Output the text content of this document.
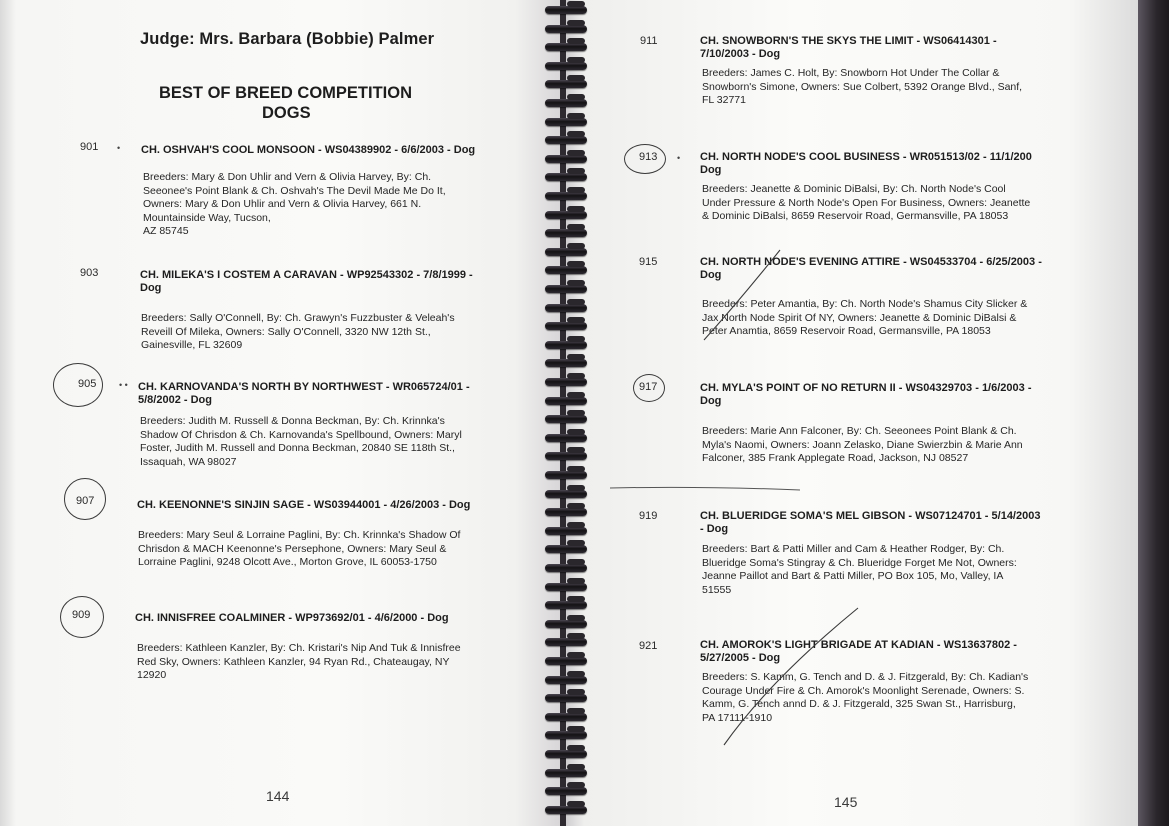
Judge: Mrs. Barbara (Bobbie) Palmer
BEST OF BREED COMPETITION
DOGS
901 • CH. OSHVAH'S COOL MONSOON - WS04389902 - 6/6/2003 - Dog
Breeders: Mary & Don Uhlir and Vern & Olivia Harvey, By: Ch.
Seeonee's Point Blank & Ch. Oshvah's The Devil Made Me Do It,
Owners: Mary & Don Uhlir and Vern & Olivia Harvey, 661 N.
Mountainside Way, Tucson,
AZ 85745
903	CH. MILEKA'S I COSTEM A CARAVAN - WP92543302 - 7/8/1999 -
Dog
Breeders: Sally O'Connell, By: Ch. Grawyn's Fuzzbuster & Veleah's
Reveill Of Mileka, Owners: Sally O'Connell, 3320 NW 12th St.,
Gainesville, FL 32609
905	• • CH. KARNOVANDA'S NORTH BY NORTHWEST - WR065724/01 -
5/8/2002 - Dog
Breeders: Judith M. Russell & Donna Beckman, By: Ch. Krinnka's
Shadow Of Chrisdon & Ch. Karnovanda's Spellbound, Owners: Maryl
Foster, Judith M. Russell and Donna Beckman, 20840 SE 118th St.,
Issaquah, WA 98027
907	CH. KEENONNE'S SINJIN SAGE - WS03944001 - 4/26/2003 - Dog
Breeders: Mary Seul & Lorraine Paglini, By: Ch. Krinnka's Shadow Of
Chrisdon & MACH Keenonne's Persephone, Owners: Mary Seul &
Lorraine Paglini, 9248 Olcott Ave., Morton Grove, IL 60053-1750
909	CH. INNISFREE COALMINER - WP973692/01 - 4/6/2000 - Dog
Breeders: Kathleen Kanzler, By: Ch. Kristari's Nip And Tuk & Innisfree
Red Sky, Owners: Kathleen Kanzler, 94 Ryan Rd., Chateaugay, NY
12920
144
911	CH. SNOWBORN'S THE SKYS THE LIMIT - WS06414301 -
7/10/2003 - Dog
Breeders: James C. Holt, By: Snowborn Hot Under The Collar &
Snowborn's Simone, Owners: Sue Colbert, 5392 Orange Blvd., Sanf,
FL 32771
913 • CH. NORTH NODE'S COOL BUSINESS - WR051513/02 - 11/1/200
Dog
Breeders: Jeanette & Dominic DiBalsi, By: Ch. North Node's Cool
Under Pressure & North Node's Open For Business, Owners: Jeanette
& Dominic DiBalsi, 8659 Reservoir Road, Germansville, PA 18053
915	CH. NORTH NODE'S EVENING ATTIRE - WS04533704 - 6/25/2003 -
Dog
Breeders: Peter Amantia, By: Ch. North Node's Shamus City Slicker &
Jax North Node Spirit Of NY, Owners: Jeanette & Dominic DiBalsi &
Peter Anamtia, 8659 Reservoir Road, Germansville, PA 18053
917	CH. MYLA'S POINT OF NO RETURN II - WS04329703 - 1/6/2003 -
Dog
Breeders: Marie Ann Falconer, By: Ch. Seeonees Point Blank & Ch.
Myla's Naomi, Owners: Joann Zelasko, Diane Swierzbin & Marie Ann
Falconer, 385 Frank Applegate Road, Jackson, NJ 08527
919	CH. BLUERIDGE SOMA'S MEL GIBSON - WS07124701 - 5/14/2003
- Dog
Breeders: Bart & Patti Miller and Cam & Heather Rodger, By: Ch.
Blueridge Soma's Stingray & Ch. Blueridge Forget Me Not, Owners:
Jeanne Paillot and Bart & Patti Miller, PO Box 105, Mo, Valley, IA
51555
921	CH. AMOROK'S LIGHT BRIGADE AT KADIAN - WS13637802 -
5/27/2005 - Dog
Breeders: S. Kamm, G. Tench and D. & J. Fitzgerald, By: Ch. Kadian's
Courage Under Fire & Ch. Amorok's Moonlight Serenade, Owners: S.
Kamm, G. Tench annd D. & J. Fitzgerald, 325 Swan St., Harrisburg,
PA 17111-1910
145
